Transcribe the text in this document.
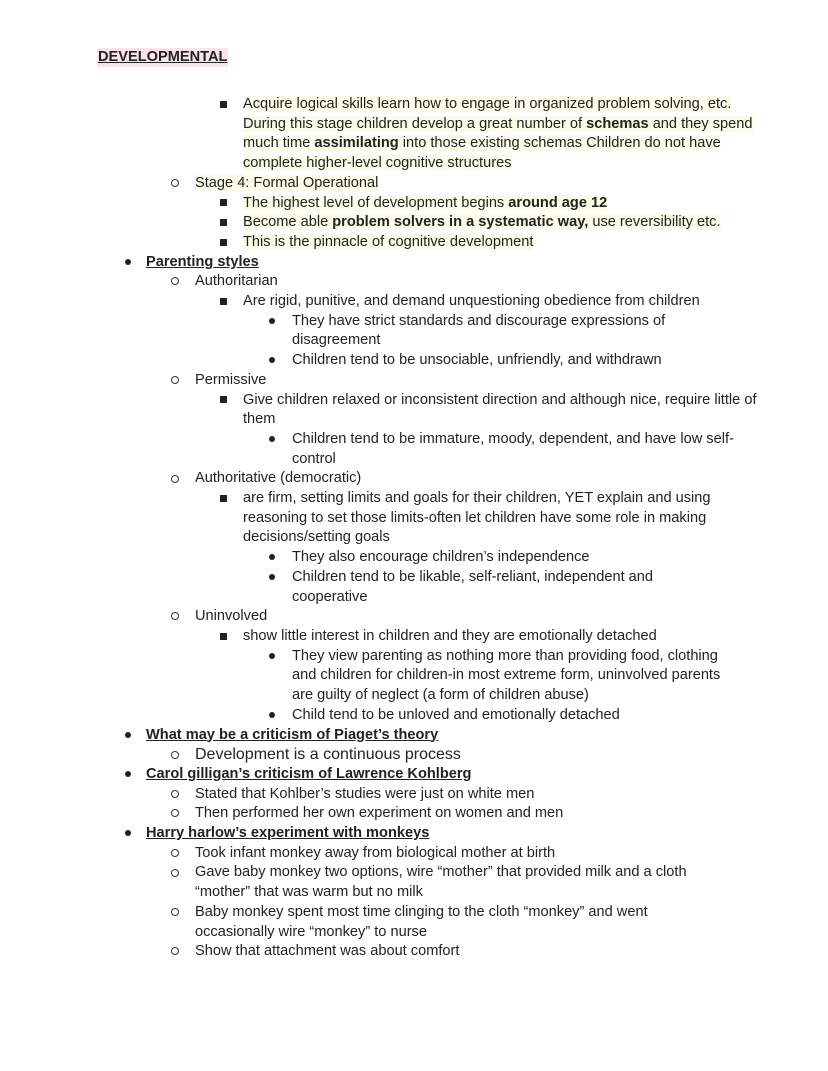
DEVELOPMENTAL
Acquire logical skills learn how to engage in organized problem solving, etc. During this stage children develop a great number of schemas and they spend much time assimilating into those existing schemas Children do not have complete higher-level cognitive structures
Stage 4: Formal Operational
The highest level of development begins around age 12
Become able problem solvers in a systematic way, use reversibility etc.
This is the pinnacle of cognitive development
Parenting styles
Authoritarian
Are rigid, punitive, and demand unquestioning obedience from children
They have strict standards and discourage expressions of disagreement
Children tend to be unsociable, unfriendly, and withdrawn
Permissive
Give children relaxed or inconsistent direction and although nice, require little of them
Children tend to be immature, moody, dependent, and have low self-control
Authoritative (democratic)
are firm, setting limits and goals for their children, YET explain and using reasoning to set those limits-often let children have some role in making decisions/setting goals
They also encourage children’s independence
Children tend to be likable, self-reliant, independent and cooperative
Uninvolved
show little interest in children and they are emotionally detached
They view parenting as nothing more than providing food, clothing and children for children-in most extreme form, uninvolved parents are guilty of neglect (a form of children abuse)
Child tend to be unloved and emotionally detached
What may be a criticism of Piaget’s theory
Development is a continuous process
Carol gilligan’s criticism of Lawrence Kohlberg
Stated that Kohlber’s studies were just on white men
Then performed her own experiment on women and men
Harry harlow’s experiment with monkeys
Took infant monkey away from biological mother at birth
Gave baby monkey two options, wire “mother” that provided milk and a cloth “mother” that was warm but no milk
Baby monkey spent most time clinging to the cloth “monkey” and went occasionally wire “monkey” to nurse
Show that attachment was about comfort
